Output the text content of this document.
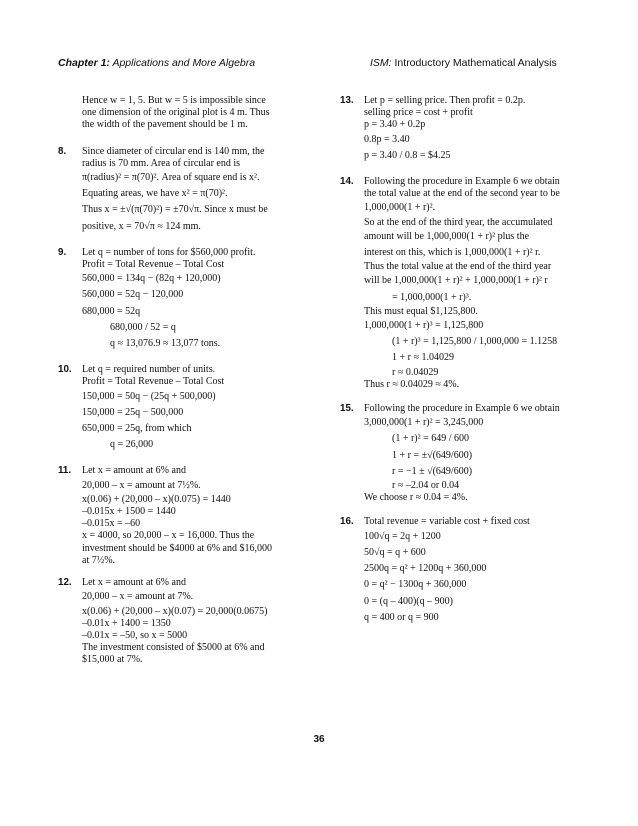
Chapter 1: Applications and More Algebra	ISM: Introductory Mathematical Analysis
Hence w = 1, 5. But w = 5 is impossible since
one dimension of the original plot is 4 m. Thus
the width of the pavement should be 1 m.
8. Since diameter of circular end is 140 mm, the
radius is 70 mm. Area of circular end is
π(radius)² = π(70)². Area of square end is x².
Equating areas, we have x² = π(70)².
Thus x = ±√(π(70)²) = ±70√π. Since x must be
positive, x = 70√π ≈ 124 mm.
9. Let q = number of tons for $560,000 profit.
Profit = Total Revenue – Total Cost
560,000 = 134q − (82q + 120,000)
560,000 = 52q − 120,000
680,000 = 52q
680,000 / 52 = q
q ≈ 13,076.9 ≈ 13,077 tons.
10. Let q = required number of units.
Profit = Total Revenue – Total Cost
150,000 = 50q − (25q + 500,000)
150,000 = 25q − 500,000
650,000 = 25q, from which
q = 26,000
11. Let x = amount at 6% and
20,000 – x = amount at 7½%.
x(0.06) + (20,000 – x)(0.075) = 1440
–0.015x + 1500 = 1440
–0.015x = –60
x = 4000, so 20,000 – x = 16,000. Thus the
investment should be $4000 at 6% and $16,000
at 7½%.
12. Let x = amount at 6% and
20,000 – x = amount at 7%.
x(0.06) + (20,000 – x)(0.07) = 20,000(0.0675)
–0.01x + 1400 = 1350
–0.01x = –50, so x = 5000
The investment consisted of $5000 at 6% and
$15,000 at 7%.
13. Let p = selling price. Then profit = 0.2p.
selling price = cost + profit
p = 3.40 + 0.2p
0.8p = 3.40
p = 3.40 / 0.8 = $4.25
14. Following the procedure in Example 6 we obtain
the total value at the end of the second year to be
1,000,000(1 + r)².
So at the end of the third year, the accumulated
amount will be 1,000,000(1 + r)² plus the
interest on this, which is 1,000,000(1 + r)² r.
Thus the total value at the end of the third year
will be 1,000,000(1 + r)² + 1,000,000(1 + r)² r
= 1,000,000(1 + r)³.
This must equal $1,125,800.
1,000,000(1 + r)³ = 1,125,800
(1 + r)³ = 1,125,800 / 1,000,000 = 1.1258
1 + r ≈ 1.04029
r ≈ 0.04029
Thus r ≈ 0.04029 ≈ 4%.
15. Following the procedure in Example 6 we obtain
3,000,000(1 + r)² = 3,245,000
(1 + r)² = 649 / 600
1 + r = ±√(649/600)
r = −1 ± √(649/600)
r ≈ –2.04 or 0.04
We choose r ≈ 0.04 = 4%.
16. Total revenue = variable cost + fixed cost
100√q = 2q + 1200
50√q = q + 600
2500q = q² + 1200q + 360,000
0 = q² − 1300q + 360,000
0 = (q – 400)(q – 900)
q = 400 or q = 900
36
